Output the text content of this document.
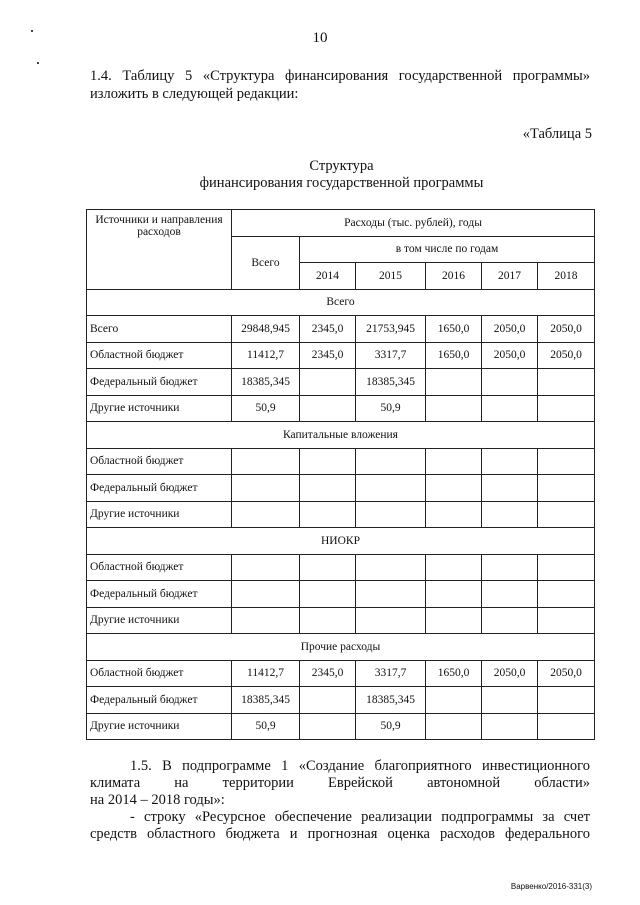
10
1.4. Таблицу 5 «Структура финансирования государственной программы»
изложить в следующей редакции:
«Таблица 5
Структура
финансирования государственной программы
Источники и направления расходов	Расходы (тыс. рублей), годы					
	Всего	в том числе по годам				
		2014	2015	2016	2017	2018
Всего						
Всего	29848,945	2345,0	21753,945	1650,0	2050,0	2050,0
Областной бюджет	11412,7	2345,0	3317,7	1650,0	2050,0	2050,0
Федеральный бюджет	18385,345		18385,345			
Другие источники	50,9		50,9			
Капитальные вложения						
Областной бюджет						
Федеральный бюджет						
Другие источники						
НИОКР						
Областной бюджет						
Федеральный бюджет						
Другие источники						
Прочие расходы						
Областной бюджет	11412,7	2345,0	3317,7	1650,0	2050,0	2050,0
Федеральный бюджет	18385,345		18385,345			
Другие источники	50,9		50,9			
1.5. В подпрограмме 1 «Создание благоприятного инвестиционного
климата на территории Еврейской автономной области»
на 2014 – 2018 годы»:
- строку «Ресурсное обеспечение реализации подпрограммы за счет
средств областного бюджета и прогнозная оценка расходов федерального
Варвенко/2016-331(3)
